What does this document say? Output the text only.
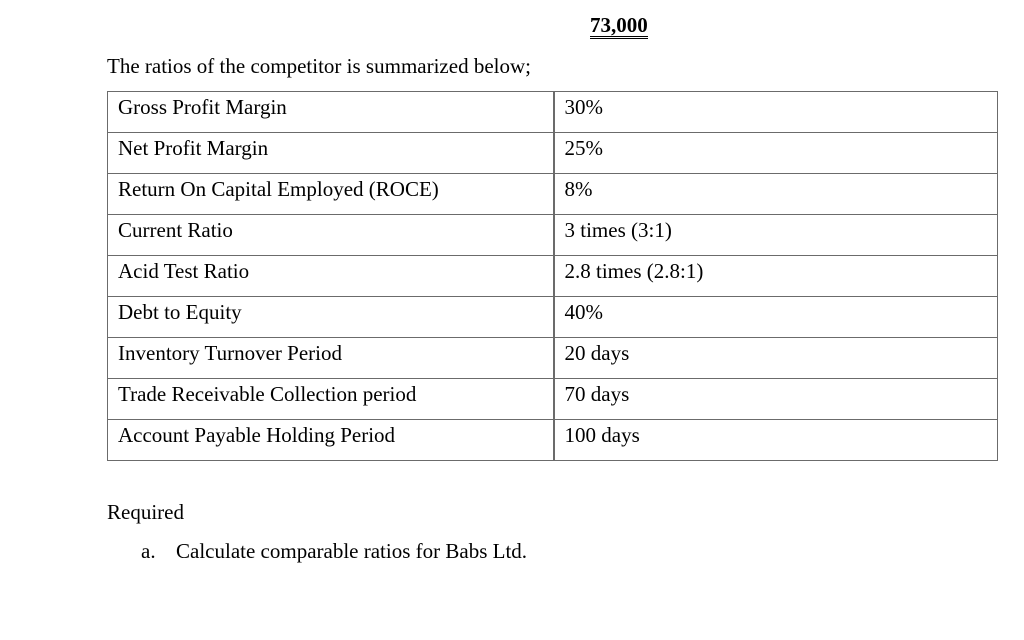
73,000
The ratios of the competitor is summarized below;
Gross Profit Margin	30%

Net Profit Margin	25%

Return On Capital Employed (ROCE)	8%

Current Ratio	3 times (3:1)

Acid Test Ratio	2.8 times (2.8:1)

Debt to Equity	40%

Inventory Turnover Period	20 days

Trade Receivable Collection period	70 days

Account Payable Holding Period	100 days
Required
a. Calculate comparable ratios for Babs Ltd.
